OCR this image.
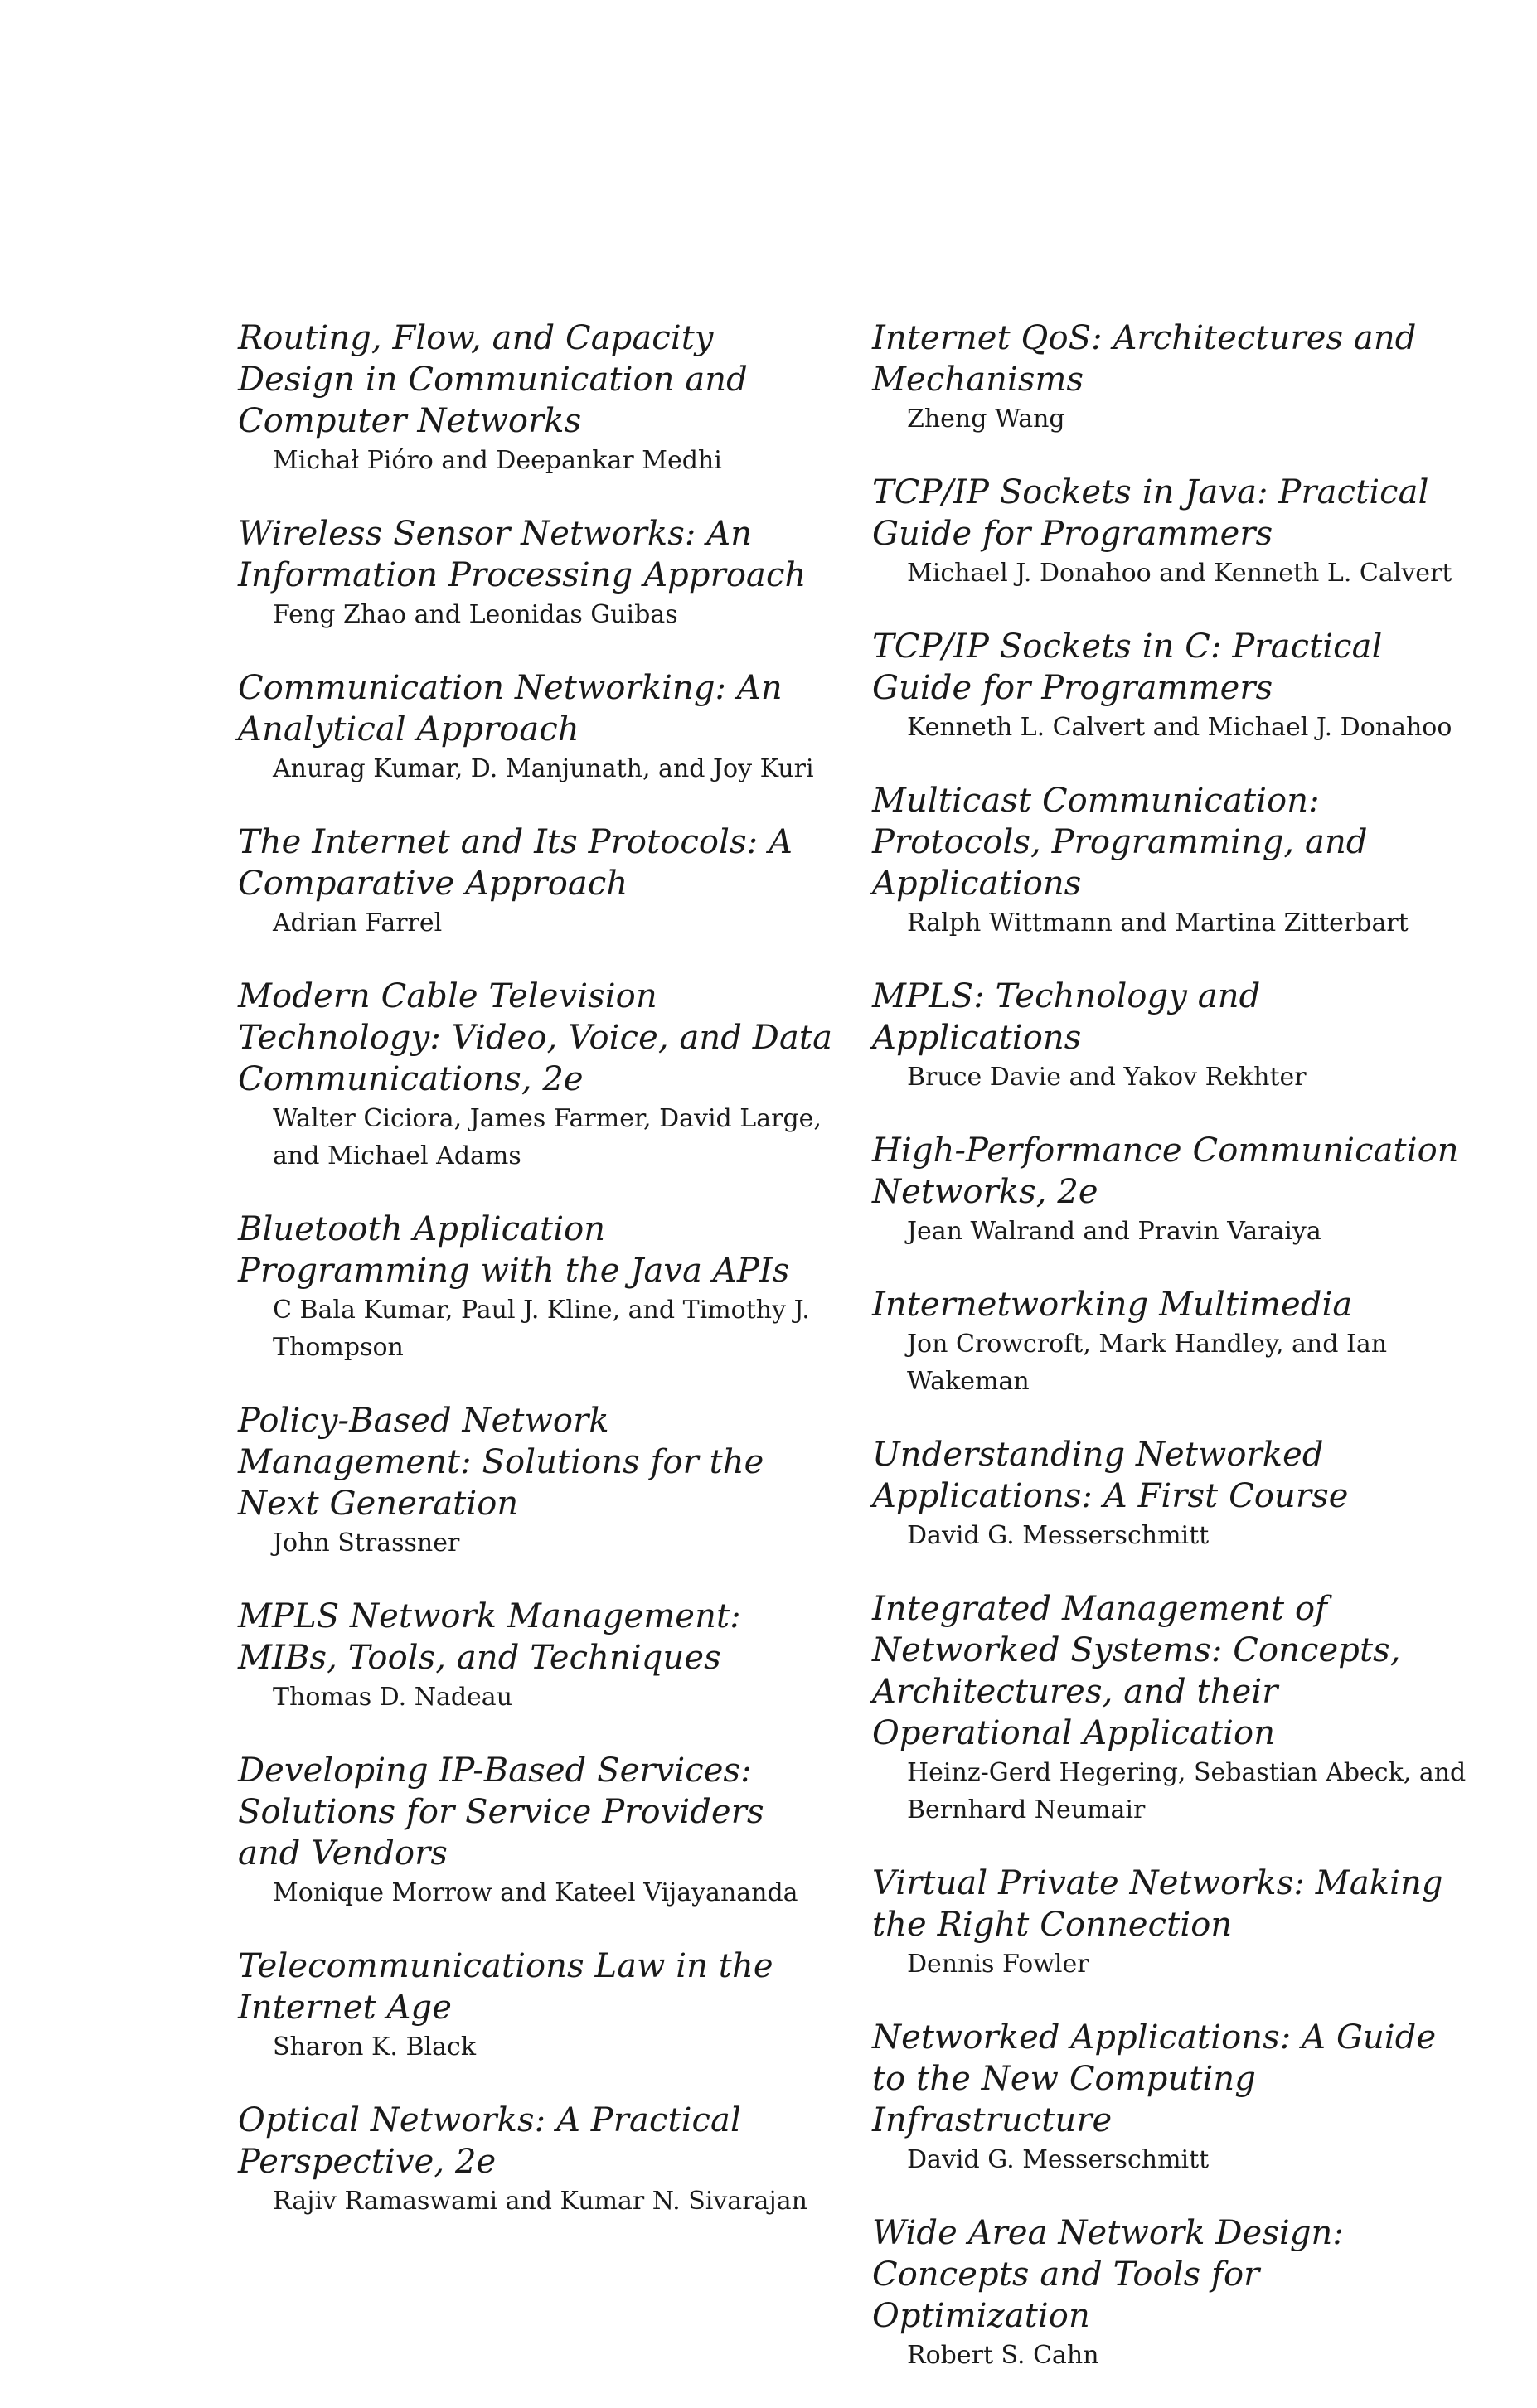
Routing, Flow, and Capacity Design in Communication and Computer Networks

Michał Pióro and Deepankar Medhi

Wireless Sensor Networks: An Information Processing Approach

Feng Zhao and Leonidas Guibas

Communication Networking: An Analytical Approach

Anurag Kumar, D. Manjunath, and Joy Kuri

The Internet and Its Protocols: A Comparative Approach

Adrian Farrel

Modern Cable Television Technology: Video, Voice, and Data Communications, 2e

Walter Ciciora, James Farmer, David Large, and Michael Adams

Bluetooth Application Programming with the Java APIs

C Bala Kumar, Paul J. Kline, and Timothy J. Thompson

Policy-Based Network Management: Solutions for the Next Generation

John Strassner

MPLS Network Management: MIBs, Tools, and Techniques

Thomas D. Nadeau

Developing IP-Based Services: Solutions for Service Providers and Vendors

Monique Morrow and Kateel Vijayananda

Telecommunications Law in the Internet Age

Sharon K. Black

Optical Networks: A Practical Perspective, 2e

Rajiv Ramaswami and Kumar N. Sivarajan

Internet QoS: Architectures and Mechanisms

Zheng Wang

TCP/IP Sockets in Java: Practical Guide for Programmers

Michael J. Donahoo and Kenneth L. Calvert

TCP/IP Sockets in C: Practical Guide for Programmers

Kenneth L. Calvert and Michael J. Donahoo

Multicast Communication: Protocols, Programming, and Applications

Ralph Wittmann and Martina Zitterbart

MPLS: Technology and Applications

Bruce Davie and Yakov Rekhter

High-Performance Communication Networks, 2e

Jean Walrand and Pravin Varaiya

Internetworking Multimedia

Jon Crowcroft, Mark Handley, and Ian Wakeman

Understanding Networked Applications: A First Course

David G. Messerschmitt

Integrated Management of Networked Systems: Concepts, Architectures, and their Operational Application

Heinz-Gerd Hegering, Sebastian Abeck, and Bernhard Neumair

Virtual Private Networks: Making the Right Connection

Dennis Fowler

Networked Applications: A Guide to the New Computing Infrastructure

David G. Messerschmitt

Wide Area Network Design: Concepts and Tools for Optimization

Robert S. Cahn
